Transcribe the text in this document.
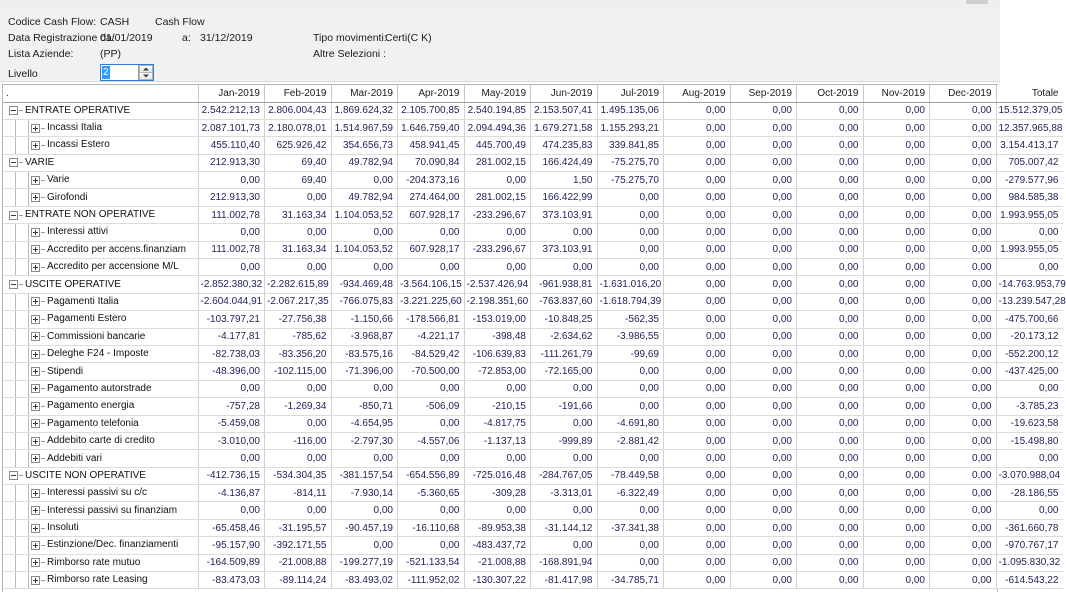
Codice Cash Flow: CASH Cash Flow
Data Registrazione da:
01/01/2019	a: 31/12/2019	Tipo movimenti:
Certi(C K)
Lista Aziende:	(PP)	Altre Selezioni :
Livello	2
.	Jan-2019	Feb-2019	Mar-2019	Apr-2019	May-2019	Jun-2019	Jul-2019	Aug-2019	Sep-2019	Oct-2019	Nov-2019	Dec-2019	Totale

ENTRATE OPERATIVE	2.542.212,13	2.806.004,43	1.869.624,32	2.105.700,85	2.540.194,85	2.153.507,41	1.495.135,06	0,00	0,00	0,00	0,00	0,00	15.512.379,05

Incassi Italia	2.087.101,73	2.180.078,01	1.514.967,59	1.646.759,40	2.094.494,36	1.679.271,58	1.155.293,21	0,00	0,00	0,00	0,00	0,00	12.357.965,88

Incassi Estero	455.110,40	625.926,42	354.656,73	458.941,45	445.700,49	474.235,83	339.841,85	0,00	0,00	0,00	0,00	0,00	3.154.413,17

VARIE	212.913,30	69,40	49.782,94	70.090,84	281.002,15	166.424,49	-75.275,70	0,00	0,00	0,00	0,00	0,00	705.007,42

Varie	0,00	69,40	0,00	-204.373,16	0,00	1,50	-75.275,70	0,00	0,00	0,00	0,00	0,00	-279.577,96

Girofondi	212.913,30	0,00	49.782,94	274.464,00	281.002,15	166.422,99	0,00	0,00	0,00	0,00	0,00	0,00	984.585,38

ENTRATE NON OPERATIVE	111.002,78	31.163,34	1.104.053,52	607.928,17	-233.296,67	373.103,91	0,00	0,00	0,00	0,00	0,00	0,00	1.993.955,05

Interessi attivi	0,00	0,00	0,00	0,00	0,00	0,00	0,00	0,00	0,00	0,00	0,00	0,00	0,00

Accredito per accens.finanziam	111.002,78	31.163,34	1.104.053,52	607.928,17	-233.296,67	373.103,91	0,00	0,00	0,00	0,00	0,00	0,00	1.993.955,05

Accredito per accensione M/L	0,00	0,00	0,00	0,00	0,00	0,00	0,00	0,00	0,00	0,00	0,00	0,00	0,00

USCITE OPERATIVE	-2.852.380,32	-2.282.615,89	-934.469,48	-3.564.106,15	-2.537.426,94	-961.938,81	-1.631.016,20	0,00	0,00	0,00	0,00	0,00	-14.763.953,79

Pagamenti Italia	-2.604.044,91	-2.067.217,35	-766.075,83	-3.221.225,60	-2.198.351,60	-763.837,60	-1.618.794,39	0,00	0,00	0,00	0,00	0,00	-13.239.547,28

Pagamenti Estero	-103.797,21	-27.756,38	-1.150,66	-178.566,81	-153.019,00	-10.848,25	-562,35	0,00	0,00	0,00	0,00	0,00	-475.700,66

Commissioni bancarie	-4.177,81	-785,62	-3.968,87	-4.221,17	-398,48	-2.634,62	-3.986,55	0,00	0,00	0,00	0,00	0,00	-20.173,12

Deleghe F24 - Imposte	-82.738,03	-83.356,20	-83.575,16	-84.529,42	-106.639,83	-111.261,79	-99,69	0,00	0,00	0,00	0,00	0,00	-552.200,12

Stipendi	-48.396,00	-102.115,00	-71.396,00	-70.500,00	-72.853,00	-72.165,00	0,00	0,00	0,00	0,00	0,00	0,00	-437.425,00

Pagamento autorstrade	0,00	0,00	0,00	0,00	0,00	0,00	0,00	0,00	0,00	0,00	0,00	0,00	0,00

Pagamento energia	-757,28	-1.269,34	-850,71	-506,09	-210,15	-191,66	0,00	0,00	0,00	0,00	0,00	0,00	-3.785,23

Pagamento telefonia	-5.459,08	0,00	-4.654,95	0,00	-4.817,75	0,00	-4.691,80	0,00	0,00	0,00	0,00	0,00	-19.623,58

Addebito carte di credito	-3.010,00	-116,00	-2.797,30	-4.557,06	-1.137,13	-999,89	-2.881,42	0,00	0,00	0,00	0,00	0,00	-15.498,80

Addebiti vari	0,00	0,00	0,00	0,00	0,00	0,00	0,00	0,00	0,00	0,00	0,00	0,00	0,00

USCITE NON OPERATIVE	-412.736,15	-534.304,35	-381.157,54	-654.556,89	-725.016,48	-284.767,05	-78.449,58	0,00	0,00	0,00	0,00	0,00	-3.070.988,04

Interessi passivi su c/c	-4.136,87	-814,11	-7.930,14	-5.360,65	-309,28	-3.313,01	-6.322,49	0,00	0,00	0,00	0,00	0,00	-28.186,55

Interessi passivi su finanziam	0,00	0,00	0,00	0,00	0,00	0,00	0,00	0,00	0,00	0,00	0,00	0,00	0,00

Insoluti	-65.458,46	-31.195,57	-90.457,19	-16.110,68	-89.953,38	-31.144,12	-37.341,38	0,00	0,00	0,00	0,00	0,00	-361.660,78

Estinzione/Dec. finanziamenti	-95.157,90	-392.171,55	0,00	0,00	-483.437,72	0,00	0,00	0,00	0,00	0,00	0,00	0,00	-970.767,17

Rimborso rate mutuo	-164.509,89	-21.008,88	-199.277,19	-521.133,54	-21.008,88	-168.891,94	0,00	0,00	0,00	0,00	0,00	0,00	-1.095.830,32

Rimborso rate Leasing	-83.473,03	-89.114,24	-83.493,02	-111.952,02	-130.307,22	-81.417,98	-34.785,71	0,00	0,00	0,00	0,00	0,00	-614.543,22
